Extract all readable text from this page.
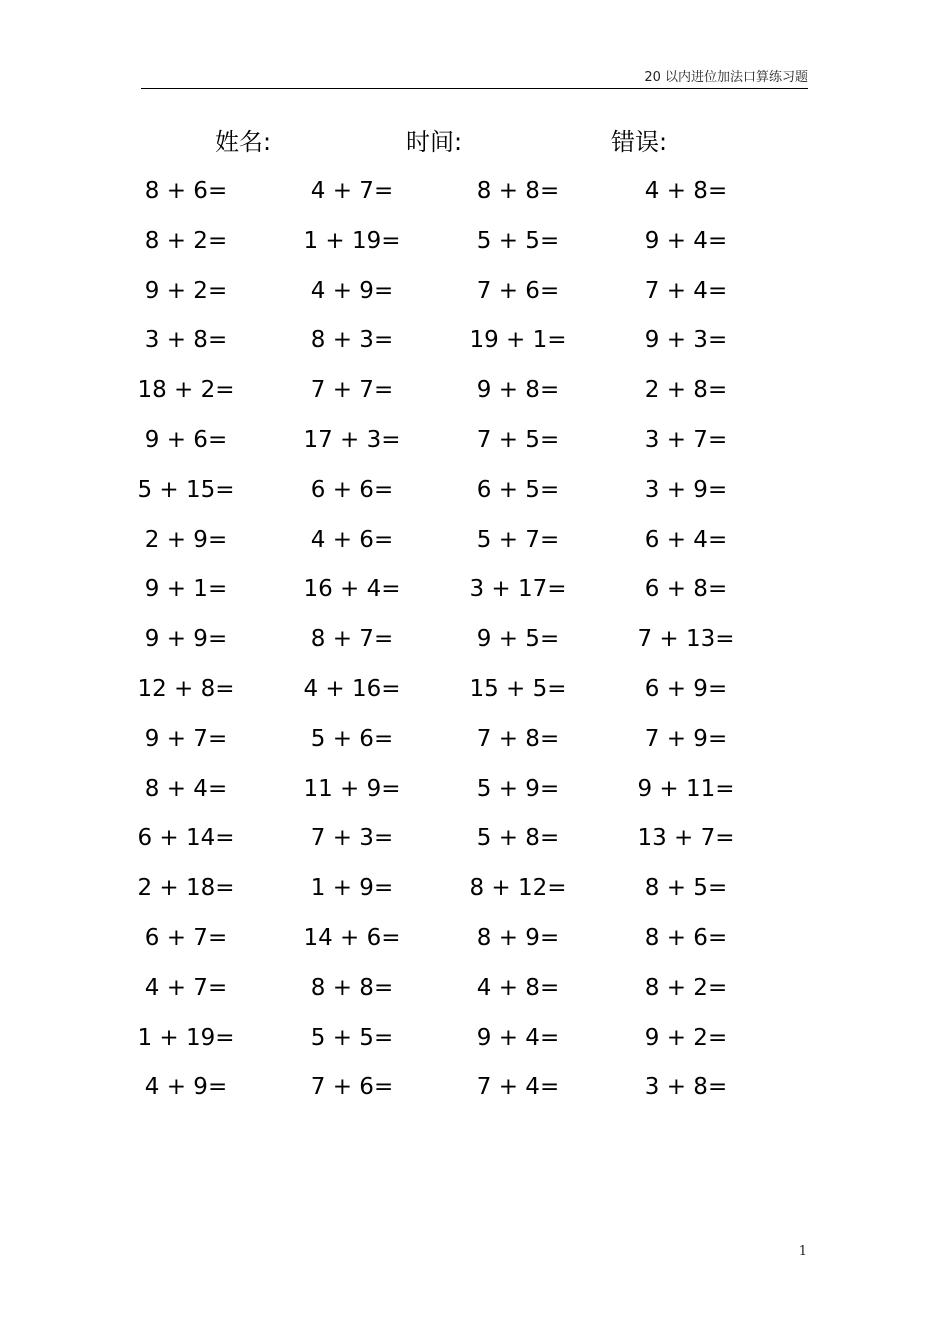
20 以内进位加法口算练习题
姓名:	时间:	错误:
8 + 6=	4 + 7=	8 + 8=	4 + 8=
8 + 2=	1 + 19=	5 + 5=	9 + 4=
9 + 2=	4 + 9=	7 + 6=	7 + 4=
3 + 8=	8 + 3=	19 + 1=	9 + 3=
18 + 2=	7 + 7=	9 + 8=	2 + 8=
9 + 6=	17 + 3=	7 + 5=	3 + 7=
5 + 15=	6 + 6=	6 + 5=	3 + 9=
2 + 9=	4 + 6=	5 + 7=	6 + 4=
9 + 1=	16 + 4=	3 + 17=	6 + 8=
9 + 9=	8 + 7=	9 + 5=	7 + 13=
12 + 8=	4 + 16=	15 + 5=	6 + 9=
9 + 7=	5 + 6=	7 + 8=	7 + 9=
8 + 4=	11 + 9=	5 + 9=	9 + 11=
6 + 14=	7 + 3=	5 + 8=	13 + 7=
2 + 18=	1 + 9=	8 + 12=	8 + 5=
6 + 7=	14 + 6=	8 + 9=	8 + 6=
4 + 7=	8 + 8=	4 + 8=	8 + 2=
1 + 19=	5 + 5=	9 + 4=	9 + 2=
4 + 9=	7 + 6=	7 + 4=	3 + 8=
1
